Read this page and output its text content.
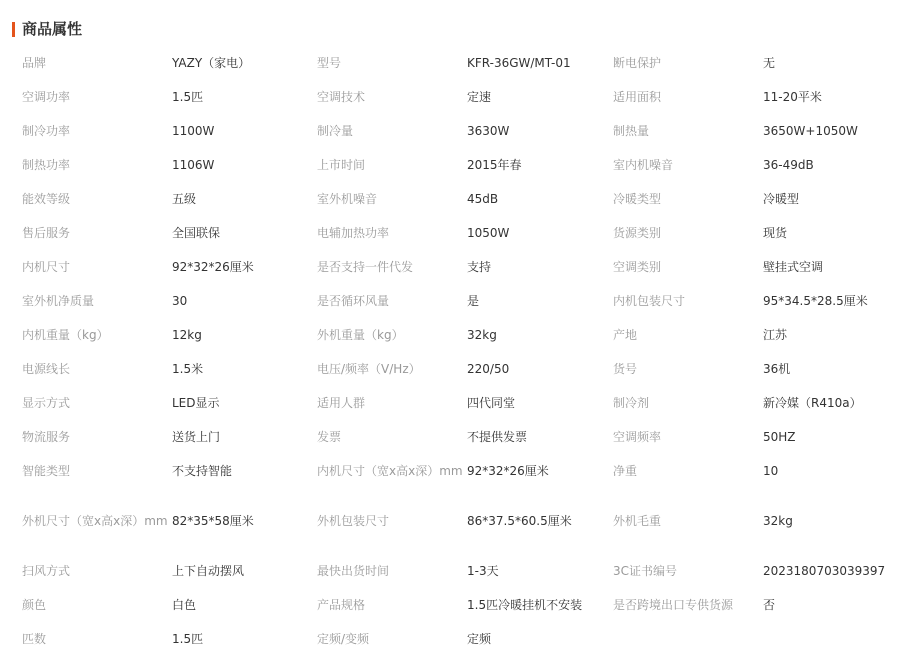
商品属性
品牌	YAZY（家电）	型号	KFR-36GW/MT-01	断电保护	无

空调功率	1.5匹	空调技术	定速	适用面积	11-20平米

制冷功率	1100W	制冷量	3630W	制热量	3650W+1050W

制热功率	1106W	上市时间	2015年春	室内机噪音	36-49dB

能效等级	五级	室外机噪音	45dB	冷暖类型	冷暖型

售后服务	全国联保	电辅加热功率	1050W	货源类别	现货

内机尺寸	92*32*26厘米	是否支持一件代发	支持	空调类别	壁挂式空调

室外机净质量	30	是否循环风量	是	内机包装尺寸	95*34.5*28.5厘米

内机重量（kg）	12kg	外机重量（kg）	32kg	产地	江苏

电源线长	1.5米	电压/频率（V/Hz）	220/50	货号	36机

显示方式	LED显示	适用人群	四代同堂	制冷剂	新冷媒（R410a）

物流服务	送货上门	发票	不提供发票	空调频率	50HZ

智能类型	不支持智能	内机尺寸（宽x高x深）mm	92*32*26厘米	净重	10

外机尺寸（宽x高x深）mm	82*35*58厘米	外机包装尺寸	86*37.5*60.5厘米	外机毛重	32kg

扫风方式	上下自动摆风	最快出货时间	1-3天	3C证书编号	2023180703039397

颜色	白色	产品规格	1.5匹冷暖挂机不安装	是否跨境出口专供货源	否

匹数	1.5匹	定频/变频	定频		
